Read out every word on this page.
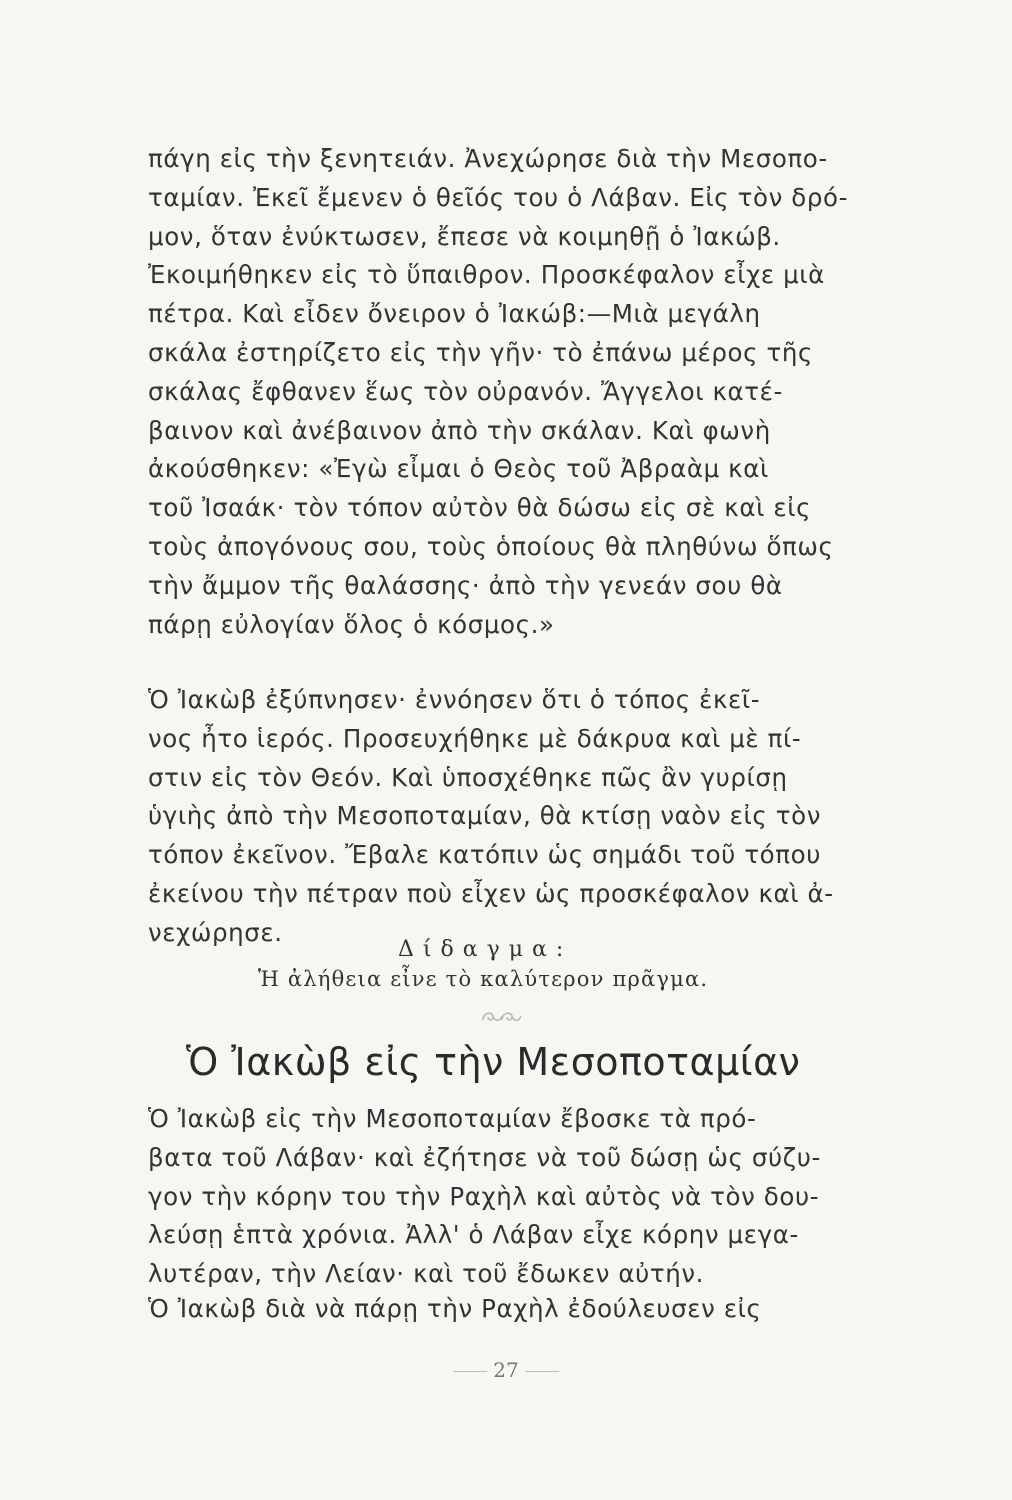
πάγη εἰς τὴν ξενητειάν. Ἀνεχώρησε διὰ τὴν Μεσοπο-
ταμίαν. Ἐκεῖ ἔμενεν ὁ θεῖός του ὁ Λάβαν. Εἰς τὸν δρό-
μον, ὅταν ἐνύκτωσεν, ἔπεσε νὰ κοιμηθῇ ὁ Ἰακώβ.
Ἐκοιμήθηκεν εἰς τὸ ὕπαιθρον. Προσκέφαλον εἶχε μιὰ
πέτρα. Καὶ εἶδεν ὄνειρον ὁ Ἰακώβ:—Μιὰ μεγάλη
σκάλα ἐστηρίζετο εἰς τὴν γῆν· τὸ ἐπάνω μέρος τῆς
σκάλας ἔφθανεν ἕως τὸν οὐρανόν. Ἄγγελοι κατέ-
βαινον καὶ ἀνέβαινον ἀπὸ τὴν σκάλαν. Καὶ φωνὴ
ἀκούσθηκεν: «Ἐγὼ εἶμαι ὁ Θεὸς τοῦ Ἀβραὰμ καὶ
τοῦ Ἰσαάκ· τὸν τόπον αὐτὸν θὰ δώσω εἰς σὲ καὶ εἰς
τοὺς ἀπογόνους σου, τοὺς ὁποίους θὰ πληθύνω ὅπως
τὴν ἄμμον τῆς θαλάσσης· ἀπὸ τὴν γενεάν σου θὰ
πάρῃ εὐλογίαν ὅλος ὁ κόσμος.»
Ὁ Ἰακὼβ ἐξύπνησεν· ἐννόησεν ὅτι ὁ τόπος ἐκεῖ-
νος ἦτο ἱερός. Προσευχήθηκε μὲ δάκρυα καὶ μὲ πί-
στιν εἰς τὸν Θεόν. Καὶ ὑποσχέθηκε πῶς ἂν γυρίσῃ
ὑγιὴς ἀπὸ τὴν Μεσοποταμίαν, θὰ κτίσῃ ναὸν εἰς τὸν
τόπον ἐκεῖνον. Ἔβαλε κατόπιν ὡς σημάδι τοῦ τόπου
ἐκείνου τὴν πέτραν ποὺ εἶχεν ὡς προσκέφαλον καὶ ἀ-
νεχώρησε.
Δίδαγμα:
Ἡ ἀλήθεια εἶνε τὸ καλύτερον πρᾶγμα.
Ὁ Ἰακὼβ εἰς τὴν Μεσοποταμίαν
Ὁ Ἰακὼβ εἰς τὴν Μεσοποταμίαν ἔβοσκε τὰ πρό-
βατα τοῦ Λάβαν· καὶ ἐζήτησε νὰ τοῦ δώσῃ ὡς σύζυ-
γον τὴν κόρην του τὴν Ραχὴλ καὶ αὐτὸς νὰ τὸν δου-
λεύσῃ ἑπτὰ χρόνια. Ἀλλ' ὁ Λάβαν εἶχε κόρην μεγα-
λυτέραν, τὴν Λείαν· καὶ τοῦ ἔδωκεν αὐτήν.
Ὁ Ἰακὼβ διὰ νὰ πάρῃ τὴν Ραχὴλ ἐδούλευσεν εἰς
27
